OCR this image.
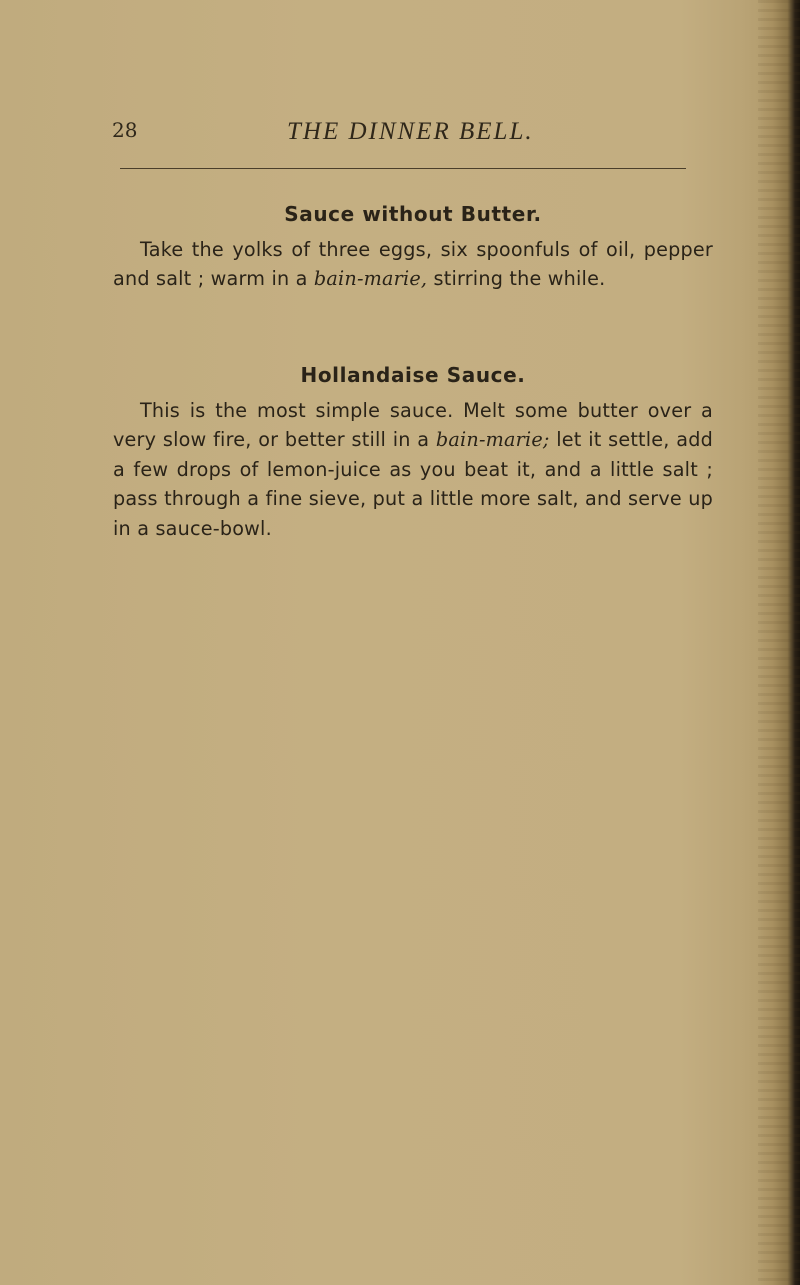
28	THE DINNER BELL.
Sauce without Butter.

Take the yolks of three eggs, six spoonfuls of oil, pepper and salt ; warm in a bain-marie, stirring the while.

Hollandaise Sauce.

This is the most simple sauce. Melt some butter over a very slow fire, or better still in a bain-marie; let it settle, add a few drops of lemon-juice as you beat it, and a little salt ; pass through a fine sieve, put a little more salt, and serve up in a sauce-bowl.
